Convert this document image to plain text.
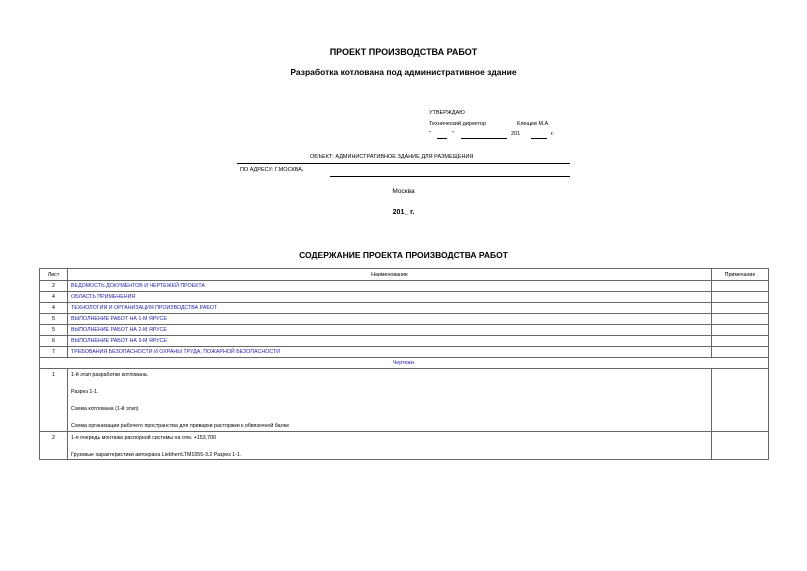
ПРОЕКТ ПРОИЗВОДСТВА РАБОТ
Разработка котлована под административное здание
УТВЕРЖДАЮ
Технический директор	Клещев М.А.
"	"	201	г.
ОБЪЕКТ: АДМИНИСТРАТИВНОЕ ЗДАНИЕ ДЛЯ РАЗМЕЩЕНИЯ
ПО АДРЕСУ: Г.МОСКВА,
Москва
201_ г.
СОДЕРЖАНИЕ ПРОЕКТА ПРОИЗВОДСТВА РАБОТ
Лист	Наименование	Примечание
2	ВЕДОМОСТЬ ДОКУМЕНТОВ И ЧЕРТЕЖЕЙ ПРОЕКТА	
4	ОБЛАСТЬ ПРИМЕНЕНИЯ	
4	ТЕХНОЛОГИЯ И ОРГАНИЗАЦИЯ ПРОИЗВОДСТВА РАБОТ	
5	ВЫПОЛНЕНИЕ РАБОТ НА 1-М ЯРУСЕ	
5	ВЫПОЛНЕНИЕ РАБОТ НА 2-М ЯРУСЕ	
6	ВЫПОЛНЕНИЕ РАБОТ НА 3-М ЯРУСЕ	
7	ТРЕБОВАНИЯ БЕЗОПАСНОСТИ И ОХРАНЫ ТРУДА, ПОЖАРНОЙ БЕЗОПАСНОСТИ	
Чертежи.		
1	1-й этап разработки котлована.
Разрез 1-1.
Схема котлована (1-й этап)
Схема организации рабочего пространства для приварки расторжки к обвязочной балке	

2	1-я очередь монтажа распорной системы на отм. +153,700
Грузовые характеристики автокрана LiebherrLTM1055-3.2 Разрез 1-1.	
